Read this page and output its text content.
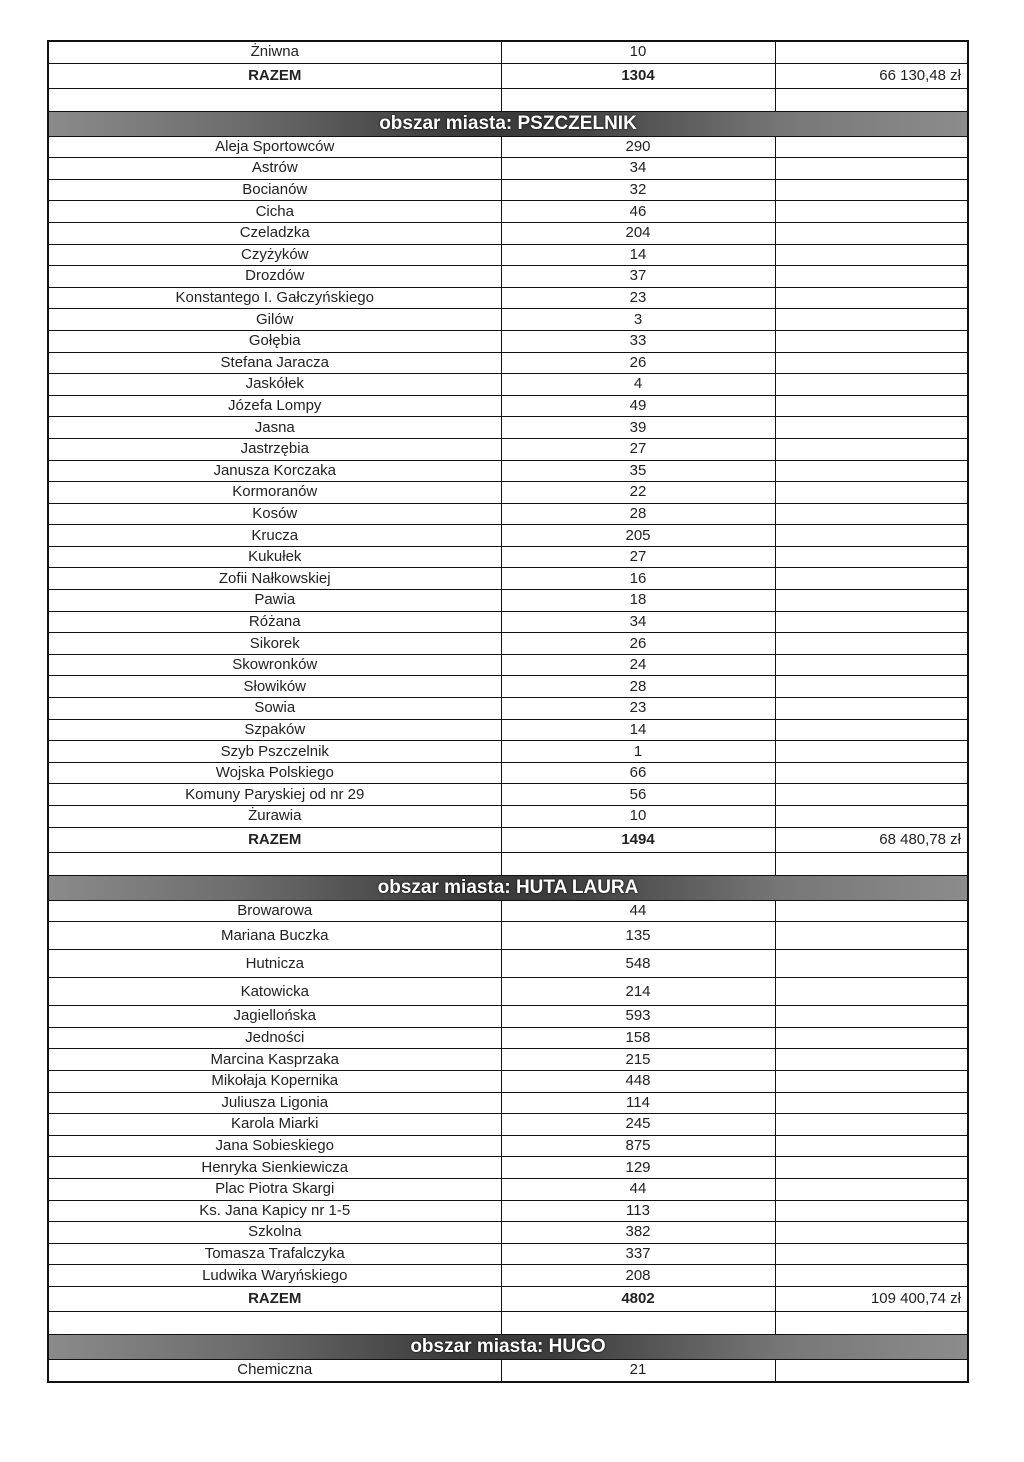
Żniwna	10	
RAZEM	1304	66 130,48 zł

obszar miasta: PSZCZELNIK		
Aleja Sportowców	290	
Astrów	34	
Bocianów	32	
Cicha	46	
Czeladzka	204	
Czyżyków	14	
Drozdów	37	
Konstantego I. Gałczyńskiego	23	
Gilów	3	
Gołębia	33	
Stefana Jaracza	26	
Jaskółek	4	
Józefa Lompy	49	
Jasna	39	
Jastrzębia	27	
Janusza Korczaka	35	
Kormoranów	22	
Kosów	28	
Krucza	205	
Kukułek	27	
Zofii Nałkowskiej	16	
Pawia	18	
Różana	34	
Sikorek	26	
Skowronków	24	
Słowików	28	
Sowia	23	
Szpaków	14	
Szyb Pszczelnik	1	
Wojska Polskiego	66	
Komuny Paryskiej od nr 29	56	
Żurawia	10	
RAZEM	1494	68 480,78 zł

obszar miasta: HUTA LAURA		
Browarowa	44	
Mariana Buczka	135	
Hutnicza	548	
Katowicka	214	
Jagiellońska	593	
Jedności	158	
Marcina Kasprzaka	215	
Mikołaja Kopernika	448	
Juliusza Ligonia	114	
Karola Miarki	245	
Jana Sobieskiego	875	
Henryka Sienkiewicza	129	
Plac Piotra Skargi	44	
Ks. Jana Kapicy nr 1-5	113	
Szkolna	382	
Tomasza Trafalczyka	337	
Ludwika Waryńskiego	208	
RAZEM	4802	109 400,74 zł

obszar miasta: HUGO		
Chemiczna	21	
